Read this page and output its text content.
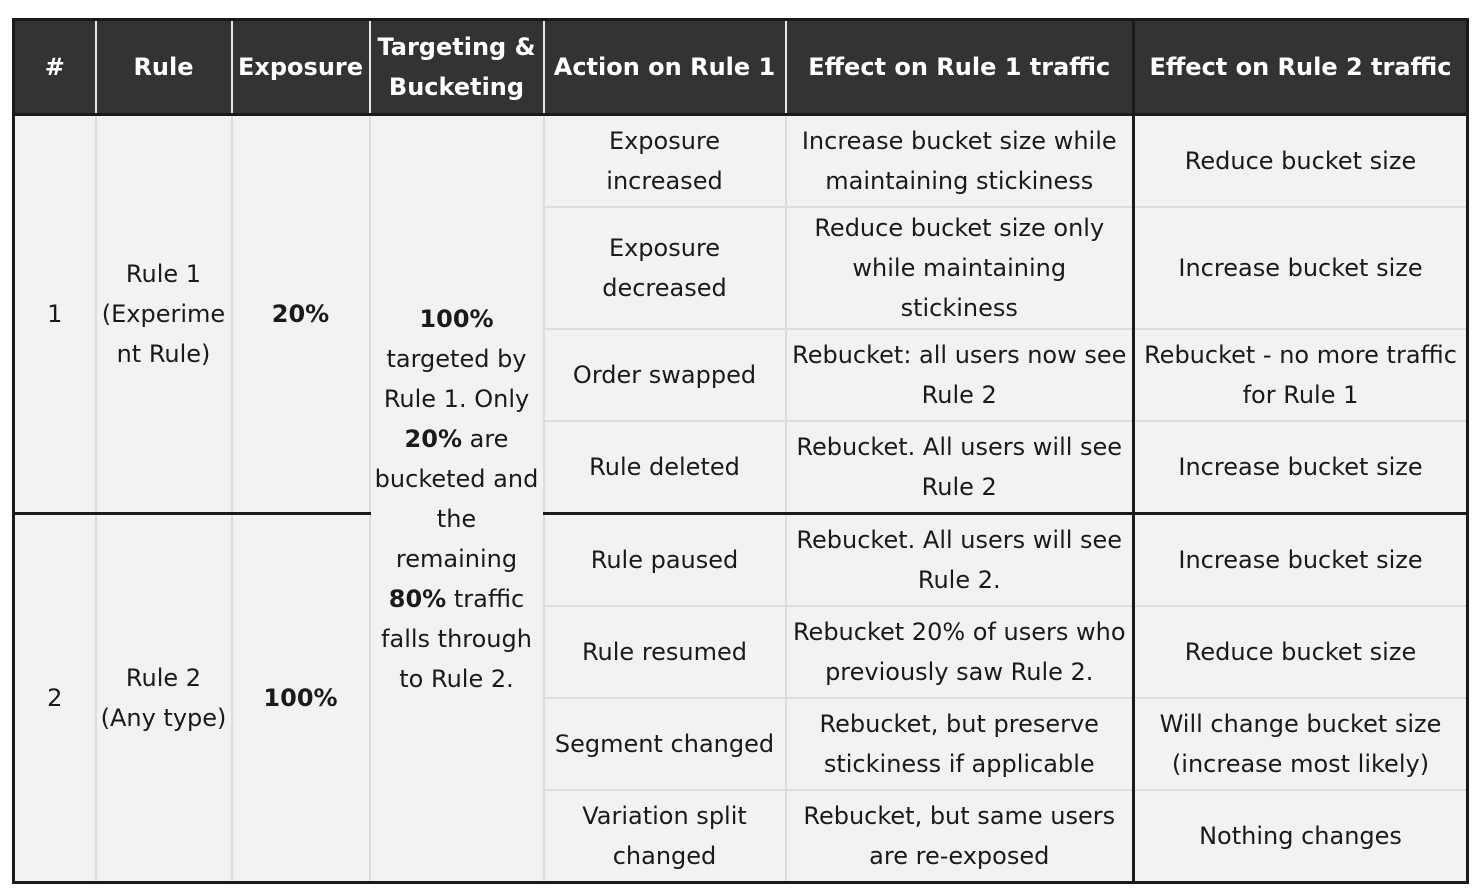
#	Rule	Exposure	Targeting & Bucketing	Action on Rule 1	Effect on Rule 1 traffic	Effect on Rule 2 traffic
1	Rule 1 (Experime nt Rule)	20%	100% targeted by Rule 1. Only 20% are bucketed and the remaining 80% traffic falls through to Rule 2.	Exposure increased	Increase bucket size while maintaining stickiness	Reduce bucket size
				Exposure decreased	Reduce bucket size only while maintaining stickiness	Increase bucket size
				Order swapped	Rebucket: all users now see Rule 2	Rebucket - no more traffic for Rule 1
				Rule deleted	Rebucket. All users will see Rule 2	Increase bucket size
2	Rule 2 (Any type)	100%		Rule paused	Rebucket. All users will see Rule 2.	Increase bucket size
				Rule resumed	Rebucket 20% of users who previously saw Rule 2.	Reduce bucket size
				Segment changed	Rebucket, but preserve stickiness if applicable	Will change bucket size (increase most likely)
				Variation split changed	Rebucket, but same users are re-exposed	Nothing changes
